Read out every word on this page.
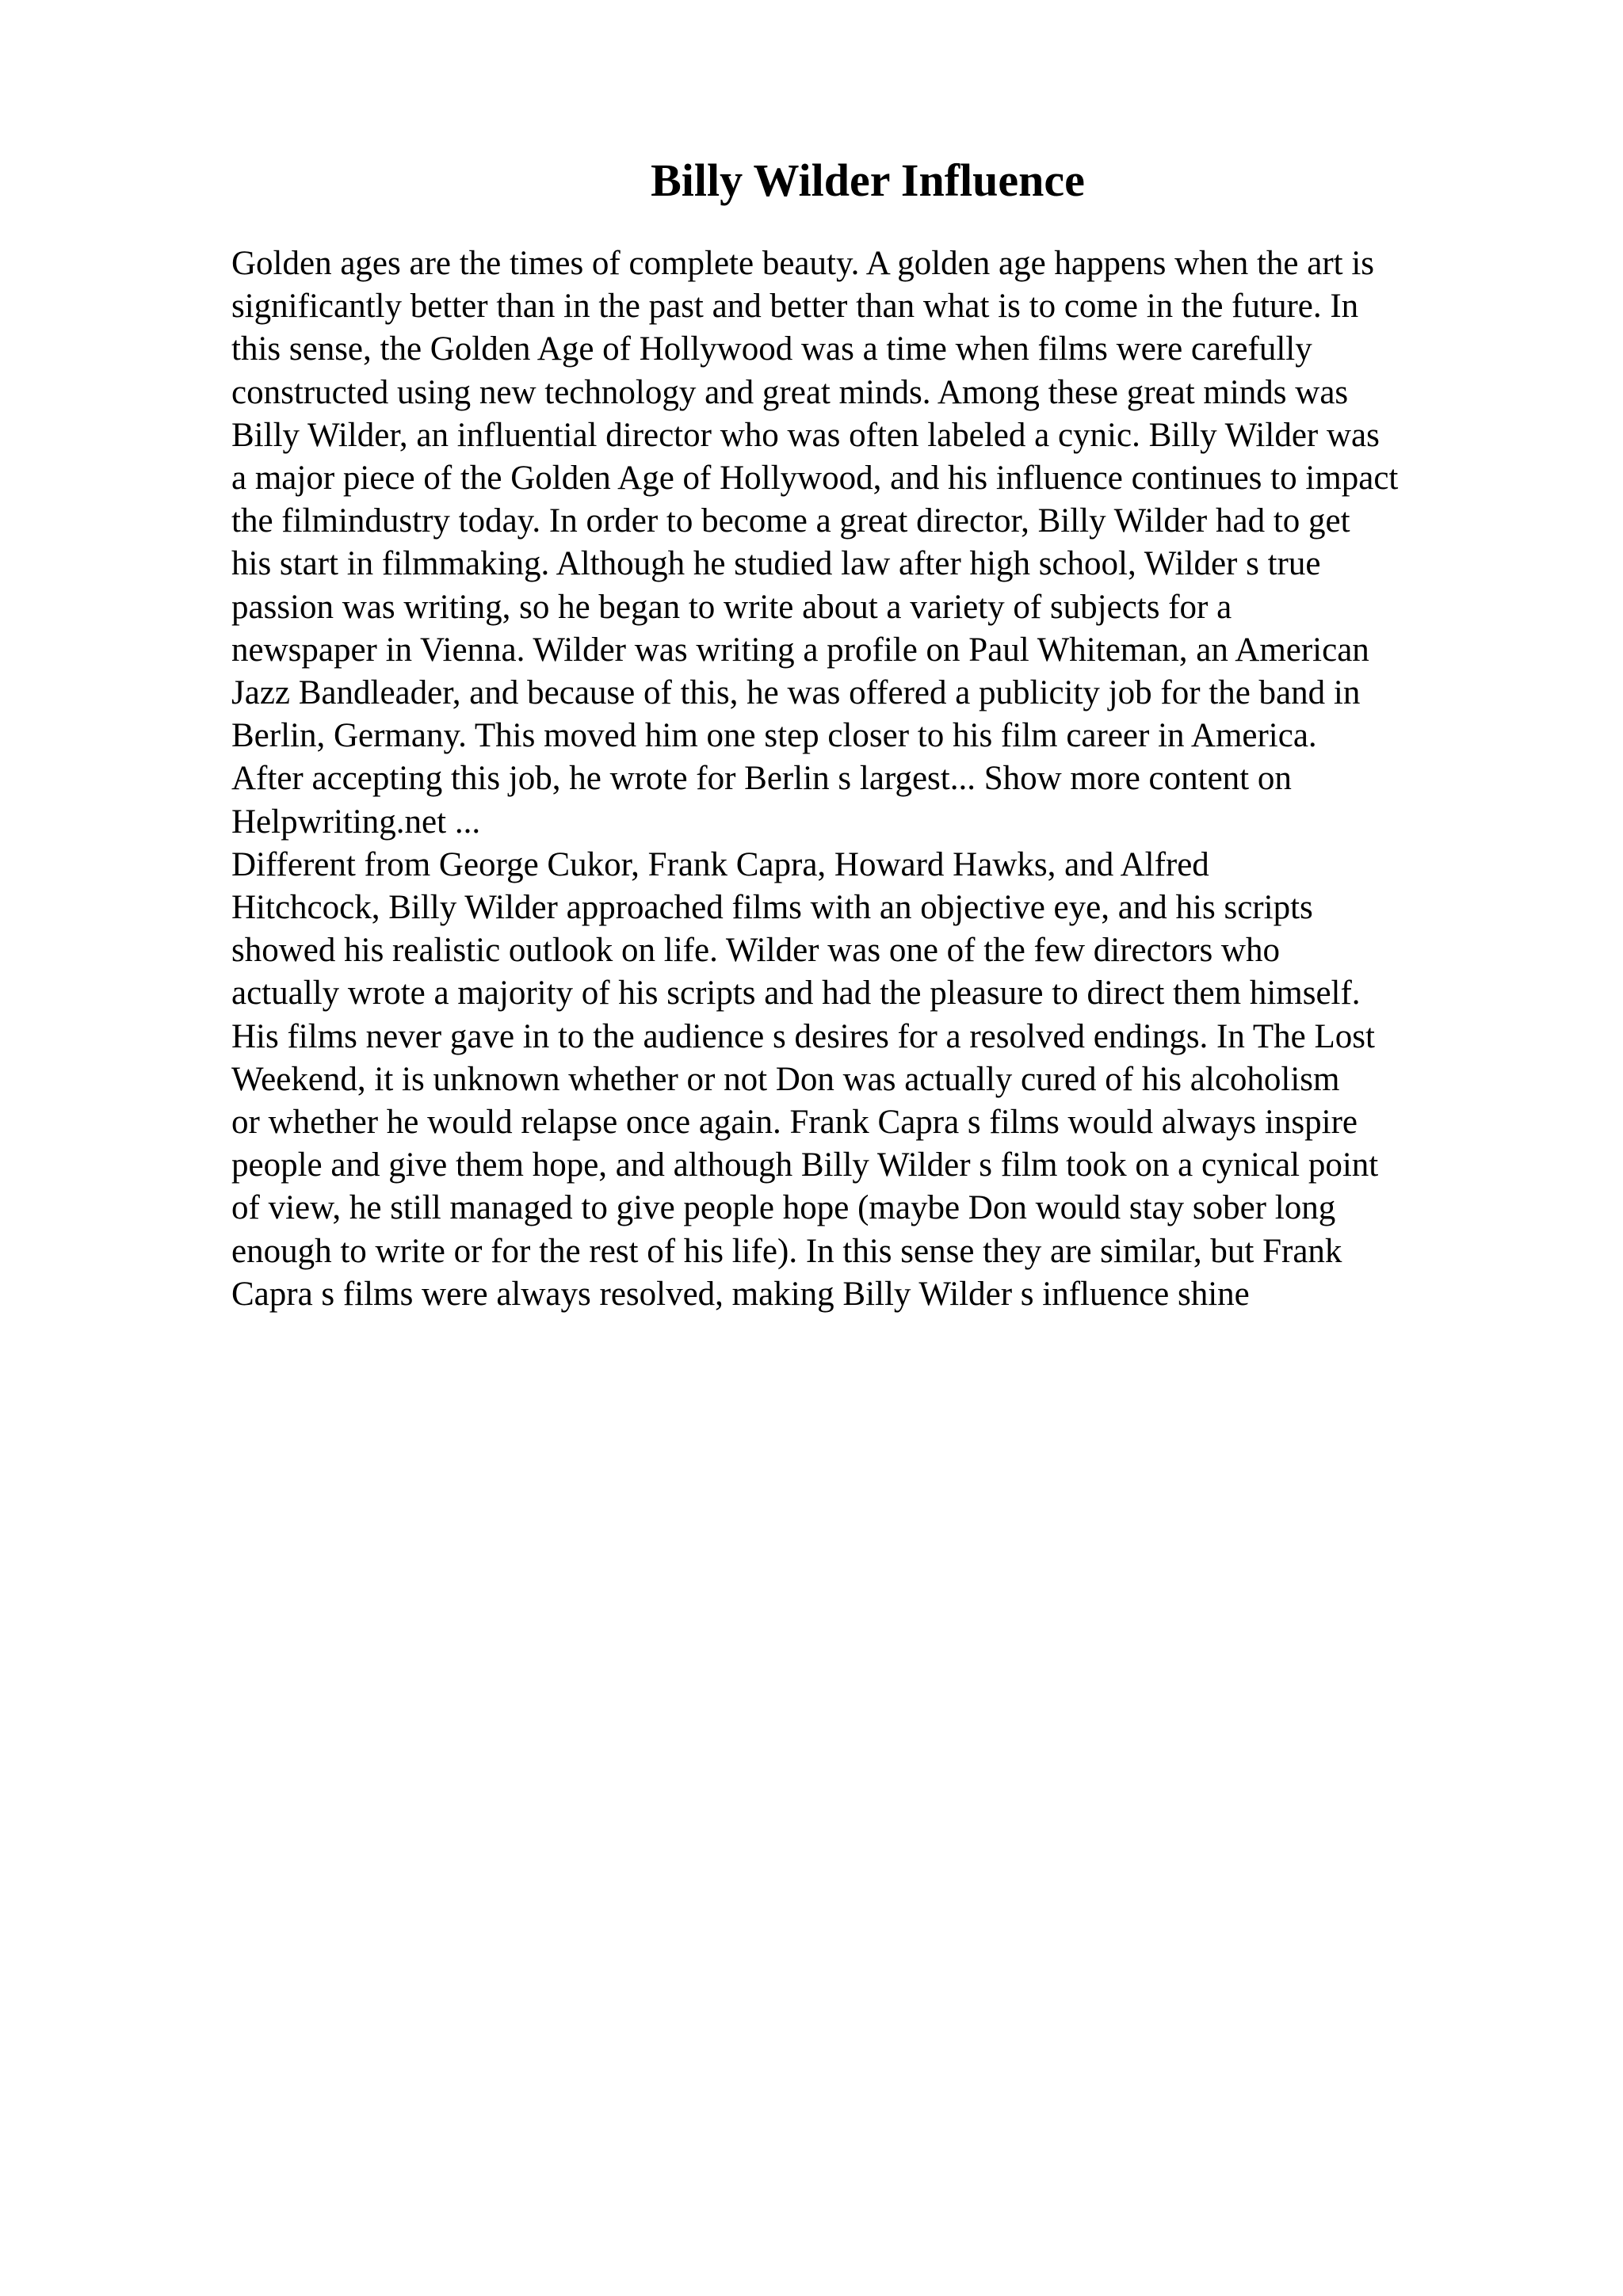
Billy Wilder Influence
Golden ages are the times of complete beauty. A golden age happens when the art is
significantly better than in the past and better than what is to come in the future. In
this sense, the Golden Age of Hollywood was a time when films were carefully
constructed using new technology and great minds. Among these great minds was
Billy Wilder, an influential director who was often labeled a cynic. Billy Wilder was
a major piece of the Golden Age of Hollywood, and his influence continues to impact
the filmindustry today. In order to become a great director, Billy Wilder had to get
his start in filmmaking. Although he studied law after high school, Wilder s true
passion was writing, so he began to write about a variety of subjects for a
newspaper in Vienna. Wilder was writing a profile on Paul Whiteman, an American
Jazz Bandleader, and because of this, he was offered a publicity job for the band in
Berlin, Germany. This moved him one step closer to his film career in America.
After accepting this job, he wrote for Berlin s largest... Show more content on
Helpwriting.net ...
Different from George Cukor, Frank Capra, Howard Hawks, and Alfred
Hitchcock, Billy Wilder approached films with an objective eye, and his scripts
showed his realistic outlook on life. Wilder was one of the few directors who
actually wrote a majority of his scripts and had the pleasure to direct them himself.
His films never gave in to the audience s desires for a resolved endings. In The Lost
Weekend, it is unknown whether or not Don was actually cured of his alcoholism
or whether he would relapse once again. Frank Capra s films would always inspire
people and give them hope, and although Billy Wilder s film took on a cynical point
of view, he still managed to give people hope (maybe Don would stay sober long
enough to write or for the rest of his life). In this sense they are similar, but Frank
Capra s films were always resolved, making Billy Wilder s influence shine
